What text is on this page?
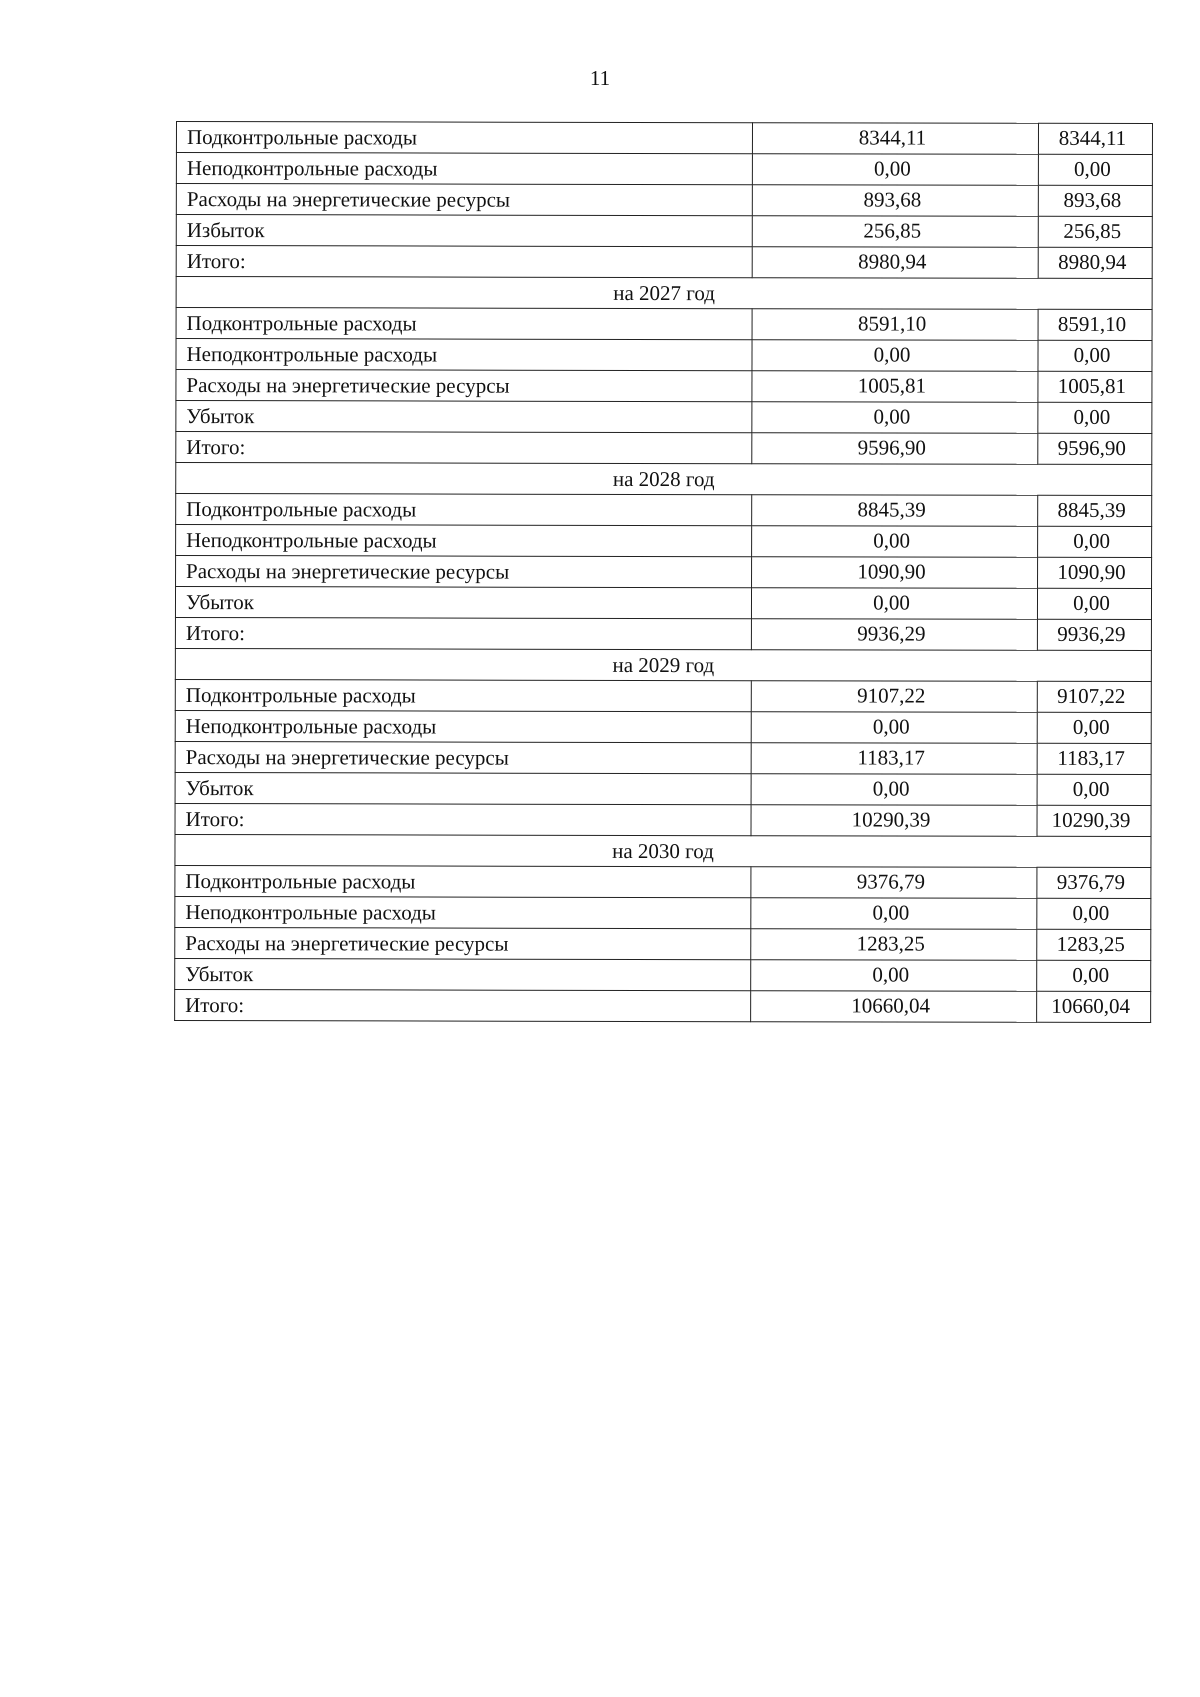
11
Подконтрольные расходы	8344,11	8344,11
Неподконтрольные расходы	0,00	0,00
Расходы на энергетические ресурсы	893,68	893,68
Избыток	256,85	256,85
Итого:	8980,94	8980,94
на 2027 год		
Подконтрольные расходы	8591,10	8591,10
Неподконтрольные расходы	0,00	0,00
Расходы на энергетические ресурсы	1005,81	1005,81
Убыток	0,00	0,00
Итого:	9596,90	9596,90
на 2028 год		
Подконтрольные расходы	8845,39	8845,39
Неподконтрольные расходы	0,00	0,00
Расходы на энергетические ресурсы	1090,90	1090,90
Убыток	0,00	0,00
Итого:	9936,29	9936,29
на 2029 год		
Подконтрольные расходы	9107,22	9107,22
Неподконтрольные расходы	0,00	0,00
Расходы на энергетические ресурсы	1183,17	1183,17
Убыток	0,00	0,00
Итого:	10290,39	10290,39
на 2030 год		
Подконтрольные расходы	9376,79	9376,79
Неподконтрольные расходы	0,00	0,00
Расходы на энергетические ресурсы	1283,25	1283,25
Убыток	0,00	0,00
Итого:	10660,04	10660,04
